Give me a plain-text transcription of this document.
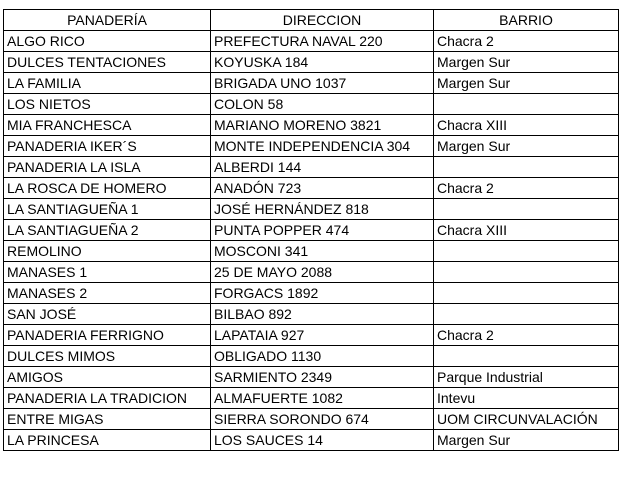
PANADERÍA	DIRECCION	BARRIO
ALGO RICO	PREFECTURA NAVAL 220	Chacra 2
DULCES TENTACIONES	KOYUSKA 184	Margen Sur
LA FAMILIA	BRIGADA UNO 1037	Margen Sur
LOS NIETOS	COLON 58	
MIA FRANCHESCA	MARIANO MORENO 3821	Chacra XIII
PANADERIA IKER´S	MONTE INDEPENDENCIA 304	Margen Sur
PANADERIA LA ISLA	ALBERDI 144	
LA ROSCA DE HOMERO	ANADÓN 723	Chacra 2
LA SANTIAGUEÑA 1	JOSÉ HERNÁNDEZ 818	
LA SANTIAGUEÑA 2	PUNTA POPPER 474	Chacra XIII
REMOLINO	MOSCONI 341	
MANASES 1	25 DE MAYO 2088	
MANASES 2	FORGACS 1892	
SAN JOSÉ	BILBAO 892	
PANADERIA FERRIGNO	LAPATAIA 927	Chacra 2
DULCES MIMOS	OBLIGADO 1130	
AMIGOS	SARMIENTO 2349	Parque Industrial
PANADERIA LA TRADICION	ALMAFUERTE 1082	Intevu
ENTRE MIGAS	SIERRA SORONDO 674	UOM CIRCUNVALACIÓN
LA PRINCESA	LOS SAUCES 14	Margen Sur
